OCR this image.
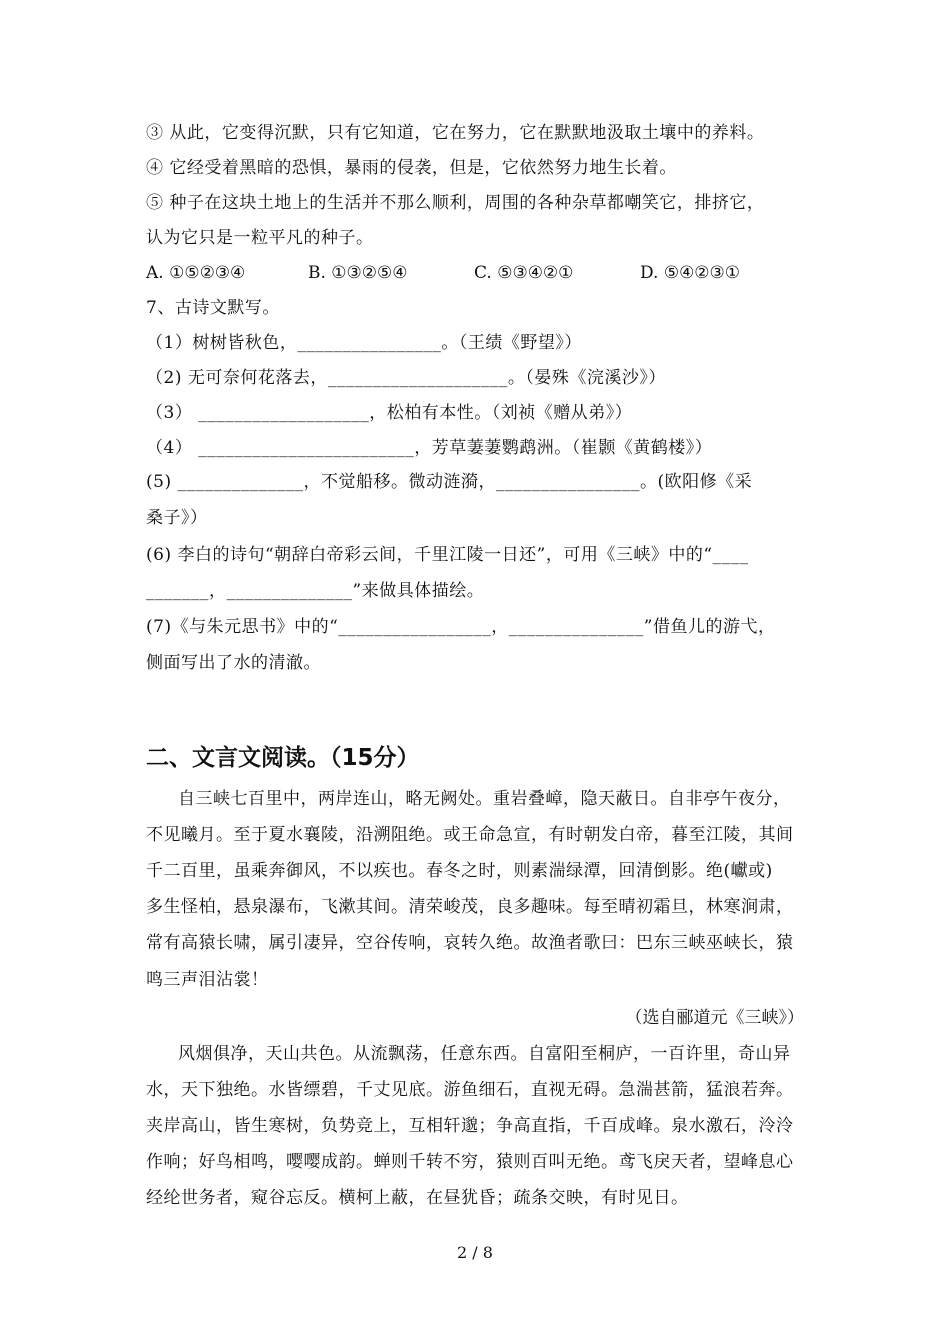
③ 从此，它变得沉默，只有它知道，它在努力，它在默默地汲取土壤中的养料。
④ 它经受着黑暗的恐惧，暴雨的侵袭，但是，它依然努力地生长着。
⑤ 种子在这块土地上的生活并不那么顺利，周围的各种杂草都嘲笑它，排挤它，
认为它只是一粒平凡的种子。
A. ①⑤②③④	B. ①③②⑤④	C. ⑤③④②①	D. ⑤④②③①
7、古诗文默写。
（1）树树皆秋色，________________。（王绩《野望》）
（2) 无可奈何花落去，____________________。（晏殊《浣溪沙》）
（3） ___________________，松柏有本性。（刘祯《赠从弟》）
（4） ________________________，芳草萋萋鹦鹉洲。（崔颢《黄鹤楼》）
(5) ______________，不觉船移。微动涟漪，________________。(欧阳修《采
桑子》）
(6) 李白的诗句“朝辞白帝彩云间，千里江陵一日还”，可用《三峡》中的“____
_______，______________”来做具体描绘。
(7)《与朱元思书》中的“_________________，_______________”借鱼儿的游弋，
侧面写出了水的清澈。
二、文言文阅读。（15分）
自三峡七百里中，两岸连山，略无阙处。重岩叠嶂，隐天蔽日。自非亭午夜分，
不见曦月。至于夏水襄陵，沿溯阻绝。或王命急宣，有时朝发白帝，暮至江陵，其间
千二百里，虽乘奔御风，不以疾也。春冬之时，则素湍绿潭，回清倒影。绝(巘或)
多生怪柏，悬泉瀑布，飞漱其间。清荣峻茂，良多趣味。每至晴初霜旦，林寒涧肃，
常有高猿长啸，属引凄异，空谷传响，哀转久绝。故渔者歌曰：巴东三峡巫峡长，猿
鸣三声泪沾裳！
（选自郦道元《三峡》）
风烟俱净，天山共色。从流飘荡，任意东西。自富阳至桐庐，一百许里，奇山异
水，天下独绝。水皆缥碧，千丈见底。游鱼细石，直视无碍。急湍甚箭，猛浪若奔。
夹岸高山，皆生寒树，负势竞上，互相轩邈；争高直指，千百成峰。泉水激石，泠泠
作响；好鸟相鸣，嘤嘤成韵。蝉则千转不穷，猿则百叫无绝。鸢飞戾天者，望峰息心
经纶世务者，窥谷忘反。横柯上蔽，在昼犹昏；疏条交映，有时见日。
2 / 8
